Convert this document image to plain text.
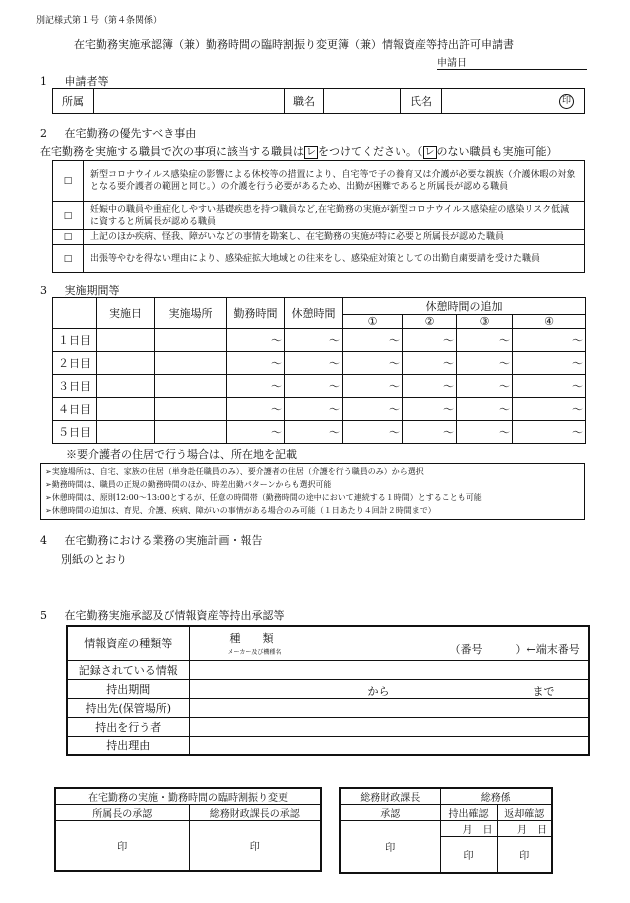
別記様式第１号（第４条関係）
在宅勤務実施承認簿（兼）勤務時間の臨時割振り変更簿（兼）情報資産等持出許可申請書
申請日
1 申請者等
所属		職名		氏名	印
2 在宅勤務の優先すべき事由
在宅勤務を実施する職員で次の事項に該当する職員は レ をつけてください。（ レ のない職員も実施可能）
□	新型コロナウイルス感染症の影響による休校等の措置により、自宅等で子の養育又は介護が必要な親族（介護休暇の対象となる要介護者の範囲と同じ。）の介護を行う必要があるため、出勤が困難であると所属長が認める職員
□	妊娠中の職員や重症化しやすい基礎疾患を持つ職員など,在宅勤務の実施が新型コロナウイルス感染症の感染リスク低減に資すると所属長が認める職員
□	上記のほか疾病、怪我、障がいなどの事情を勘案し、在宅勤務の実施が特に必要と所属長が認めた職員
□	出張等やむを得ない理由により、感染症拡大地域との往来をし、感染症対策としての出勤自粛要請を受けた職員
3 実施期間等
	実施日	実施場所	勤務時間	休憩時間	休憩時間の追加			
					①	②	③	④
１日目			～	～	～	～	～	～
２日目			～	～	～	～	～	～
３日目			～	～	～	～	～	～
４日目			～	～	～	～	～	～
５日目			～	～	～	～	～	～
※要介護者の住居で行う場合は、所在地を記載
➢実施場所は、自宅、家族の住居（単身赴任職員のみ）、要介護者の住居（介護を行う職員のみ）から選択
➢勤務時間は、職員の正規の勤務時間のほか、時差出勤パターンからも選択可能
➢休憩時間は、原則12:00～13:00とするが、任意の時間帯（勤務時間の途中において連続する１時間）とすることも可能
➢休憩時間の追加は、育児、介護、疾病、障がいの事情がある場合のみ可能（１日あたり４回計２時間まで）
4 在宅勤務における業務の実施計画・報告
別紙のとおり
5 在宅勤務実施承認及び情報資産等持出承認等
情報資産の種類等	種　　類
メーカー及び機種名 （番号　　　）←端末番号

記録されている情報	
持出期間	から まで

持出先(保管場所)	
持出を行う者	
持出理由	
在宅勤務の実施・勤務時間の臨時割振り変更	
所属長の承認	総務財政課長の承認
印	印
総務財政課長	総務係	
承認	持出確認	返却確認
印	月　日	月　日
	印	印
